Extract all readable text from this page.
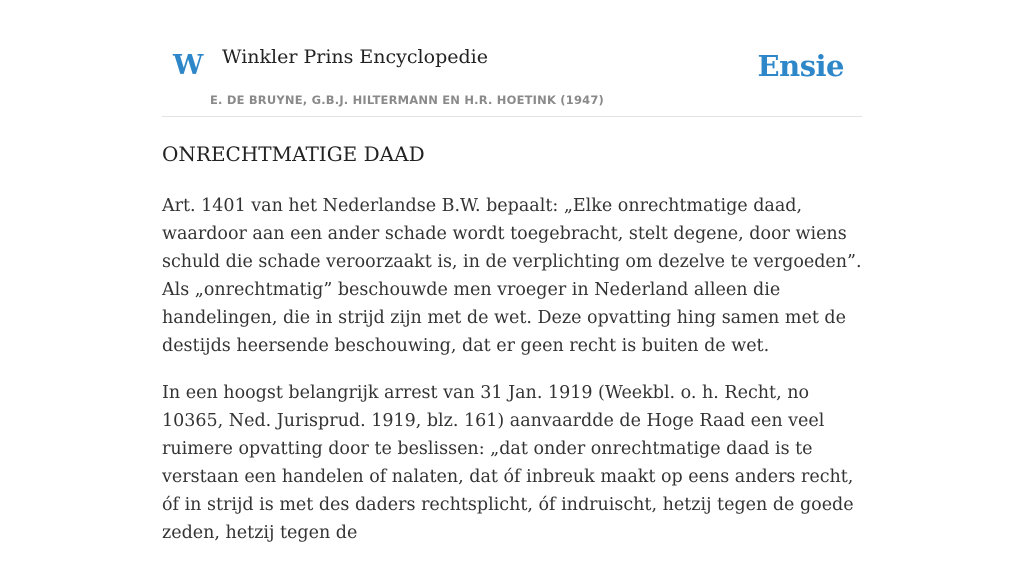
W Winkler Prins Encyclopedie
E. DE BRUYNE, G.B.J. HILTERMANN EN H.R. HOETINK (1947)
Ensie
ONRECHTMATIGE DAAD

Art. 1401 van het Nederlandse B.W. bepaalt: „Elke onrechtmatige daad, waardoor aan een ander schade wordt toegebracht, stelt degene, door wiens schuld die schade veroorzaakt is, in de verplichting om dezelve te vergoeden”. Als „onrechtmatig” beschouwde men vroeger in Nederland alleen die handelingen, die in strijd zijn met de wet. Deze opvatting hing samen met de destijds heersende beschouwing, dat er geen recht is buiten de wet.

In een hoogst belangrijk arrest van 31 Jan. 1919 (Weekbl. o. h. Recht, no 10365, Ned. Jurisprud. 1919, blz. 161) aanvaardde de Hoge Raad een veel ruimere opvatting door te beslissen: „dat onder onrechtmatige daad is te verstaan een handelen of nalaten, dat óf inbreuk maakt op eens anders recht, óf in strijd is met des daders rechtsplicht, óf indruischt, hetzij tegen de goede zeden, hetzij tegen de
